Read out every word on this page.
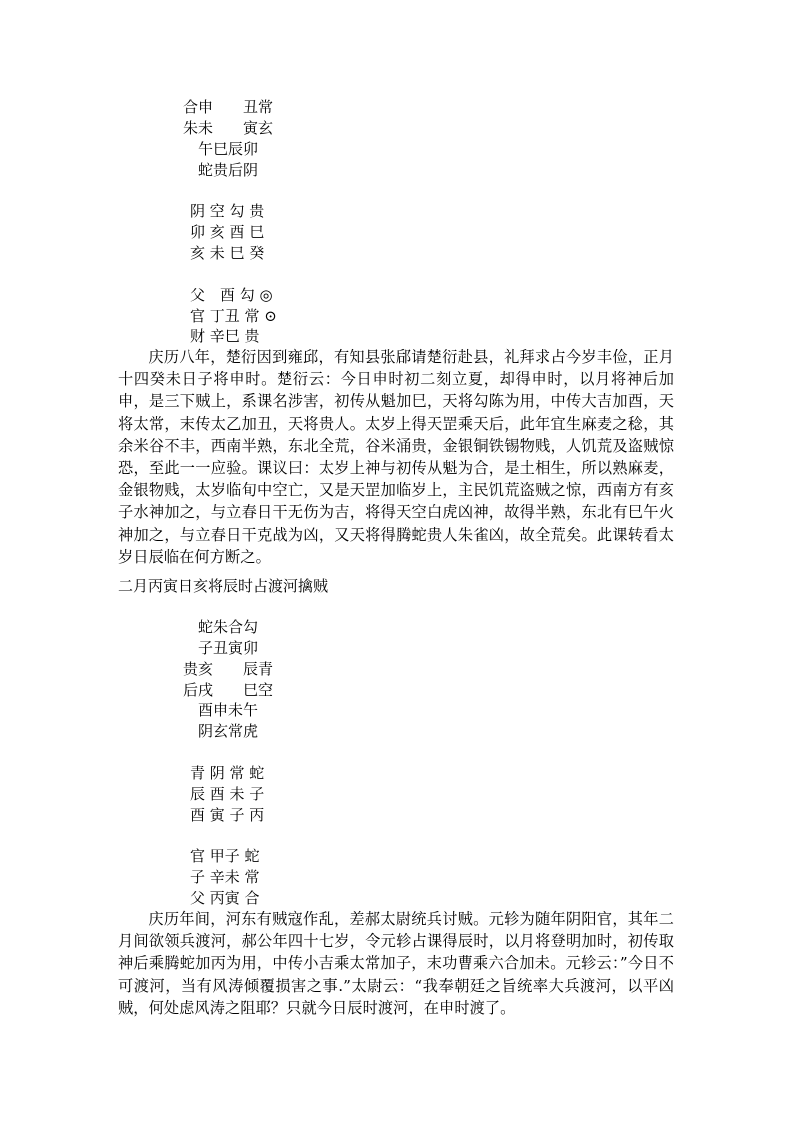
合申　　丑常

朱未　　寅玄

　午巳辰卯

　蛇贵后阴

阴 空 勾 贵

卯 亥 酉 巳

亥 未 巳 癸

父　酉 勾 ◎

官 丁丑 常 ⊙

财 辛巳 贵

庆历八年，楚衍因到雍邱，有知县张郈请楚衍赴县，礼拜求占今岁丰俭，正月十四癸未日子将申时。楚衍云：今日申时初二刻立夏，却得申时，以月将神后加申，是三下贼上，系课名涉害，初传从魁加巳，天将勾陈为用，中传大吉加酉，天将太常，末传太乙加丑，天将贵人。太岁上得天罡乘天后，此年宜生麻麦之稔，其余米谷不丰，西南半熟，东北全荒，谷米涌贵，金银铜铁锡物贱，人饥荒及盗贼惊恐，至此一一应验。课议曰：太岁上神与初传从魁为合，是土相生，所以熟麻麦，金银物贱，太岁临旬中空亡，又是天罡加临岁上，主民饥荒盗贼之惊，西南方有亥子水神加之，与立春日干无伤为吉，将得天空白虎凶神，故得半熟，东北有巳午火神加之，与立春日干克战为凶，又天将得腾蛇贵人朱雀凶，故全荒矣。此课转看太岁日辰临在何方断之。

二月丙寅日亥将辰时占渡河擒贼

　蛇朱合勾

　子丑寅卯

贵亥　　辰青

后戌　　巳空

　酉申未午

　阴玄常虎

青 阴 常 蛇

辰 酉 未 子

酉 寅 子 丙

官 甲子 蛇

子 辛未 常

父 丙寅 合

庆历年间，河东有贼寇作乱，差郝太尉统兵讨贼。元轸为随年阴阳官，其年二月间欲领兵渡河，郝公年四十七岁，令元轸占课得辰时，以月将登明加时，初传取神后乘腾蛇加丙为用，中传小吉乘太常加子，末功曹乘六合加未。元轸云：”今日不可渡河，当有风涛倾覆损害之事.”太尉云：“我奉朝廷之旨统率大兵渡河，以平凶贼，何处虑风涛之阻耶？只就今日辰时渡河，在申时渡了。
